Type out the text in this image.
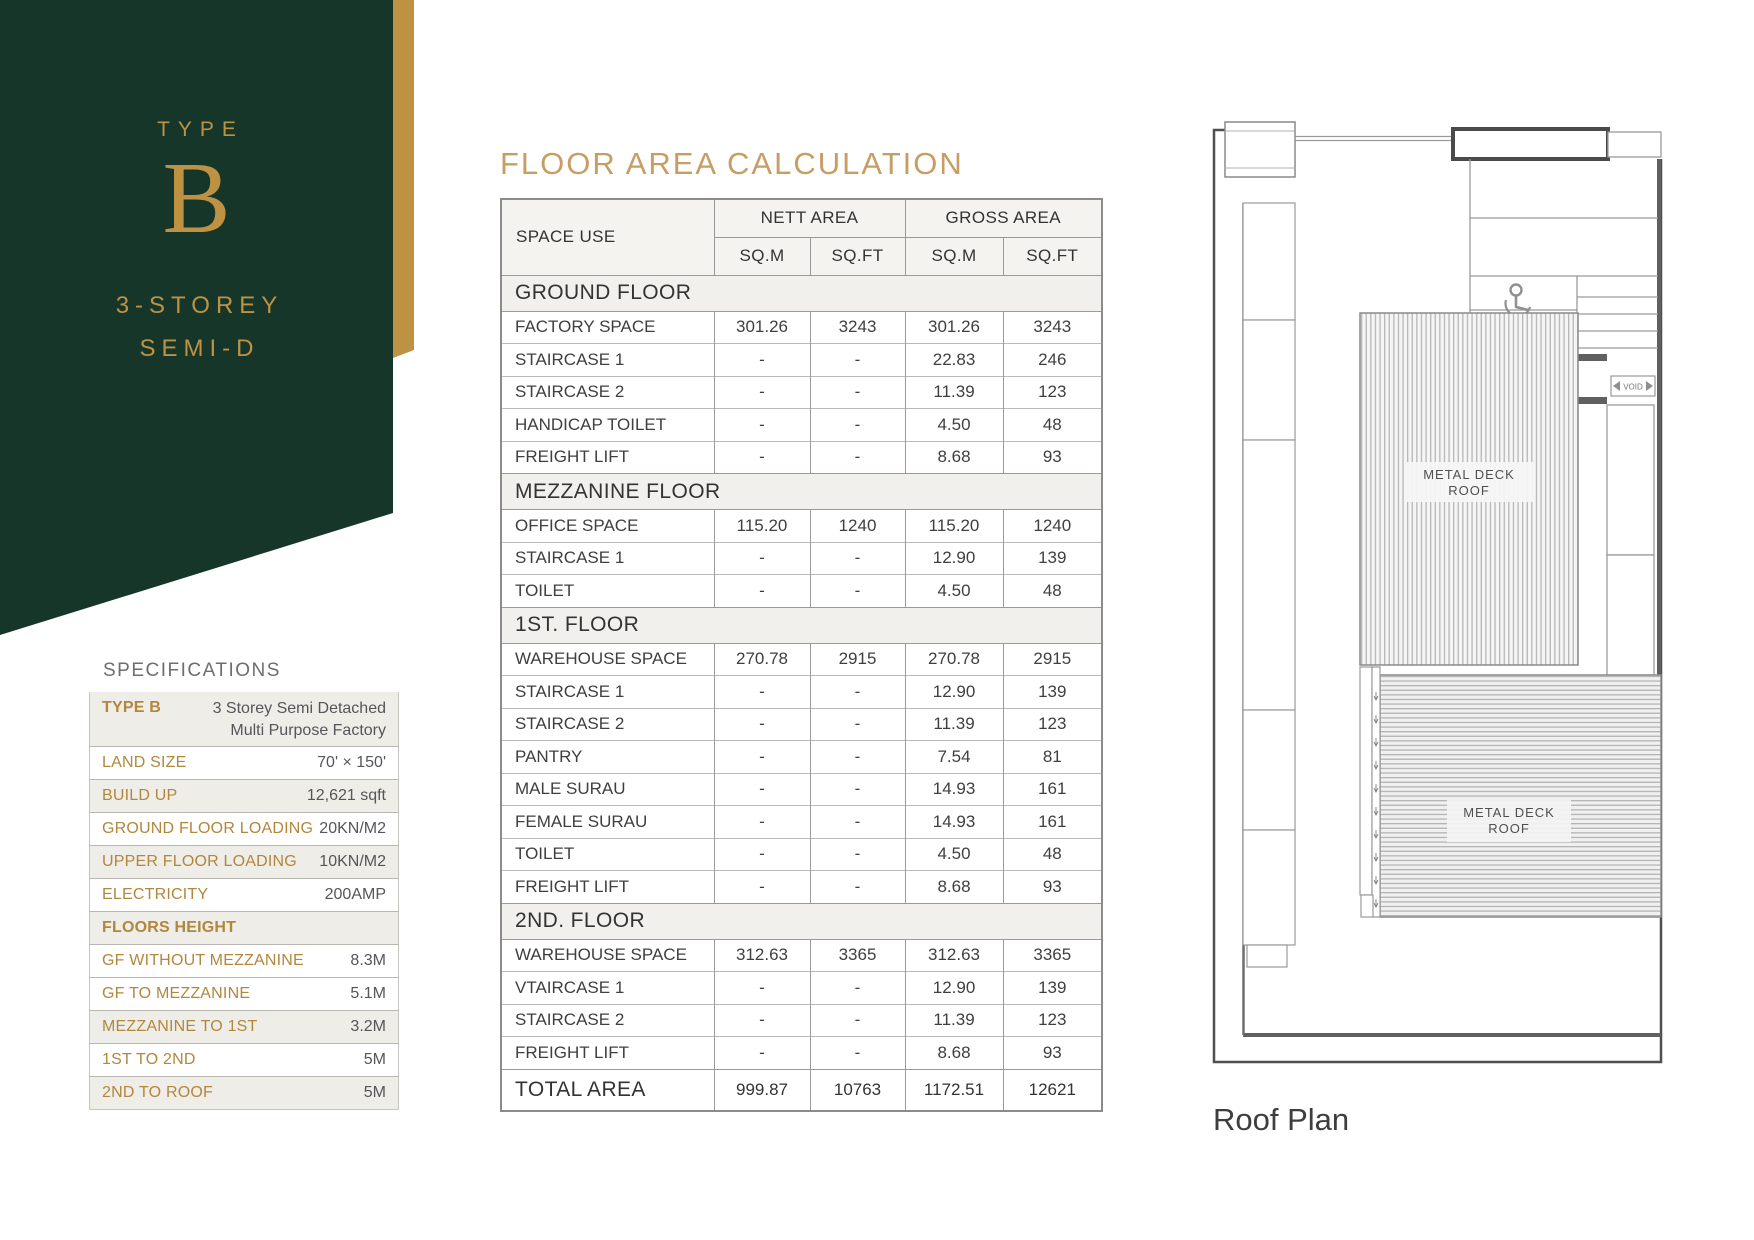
TYPE
B
3-STOREY
SEMI-D
SPECIFICATIONS
TYPE B	3 Storey Semi Detached
Multi Purpose Factory
LAND SIZE	70' × 150'
BUILD UP	12,621 sqft
GROUND FLOOR LOADING 20KN/M2
UPPER FLOOR LOADING	10KN/M2
ELECTRICITY	200AMP
FLOORS HEIGHT
GF WITHOUT MEZZANINE	8.3M
GF TO MEZZANINE	5.1M
MEZZANINE TO 1ST	3.2M
1ST TO 2ND	5M
2ND TO ROOF	5M
FLOOR AREA CALCULATION
SPACE USE	NETT AREA		GROSS AREA	
	SQ.M	SQ.FT	SQ.M	SQ.FT
GROUND FLOOR				
FACTORY SPACE	301.26	3243	301.26	3243
STAIRCASE 1	-	-	22.83	246
STAIRCASE 2	-	-	11.39	123
HANDICAP TOILET	-	-	4.50	48
FREIGHT LIFT	-	-	8.68	93
MEZZANINE FLOOR				
OFFICE SPACE	115.20	1240	115.20	1240
STAIRCASE 1	-	-	12.90	139
TOILET	-	-	4.50	48
1ST. FLOOR				
WAREHOUSE SPACE	270.78	2915	270.78	2915
STAIRCASE 1	-	-	12.90	139
STAIRCASE 2	-	-	11.39	123
PANTRY	-	-	7.54	81
MALE SURAU	-	-	14.93	161
FEMALE SURAU	-	-	14.93	161
TOILET	-	-	4.50	48
FREIGHT LIFT	-	-	8.68	93
2ND. FLOOR				
WAREHOUSE SPACE	312.63	3365	312.63	3365
VTAIRCASE 1	-	-	12.90	139
STAIRCASE 2	-	-	11.39	123
FREIGHT LIFT	-	-	8.68	93
TOTAL AREA	999.87	10763	1172.51	12621
VOID
METAL DECK
ROOF
METAL DECK
ROOF
Roof Plan
